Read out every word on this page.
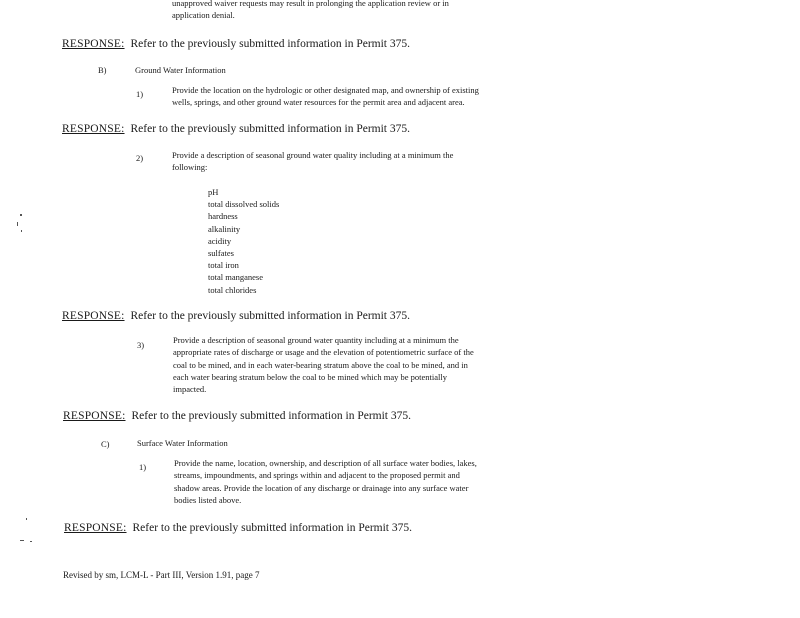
unapproved waiver requests may result in prolonging the application review or in
application denial.
RESPONSE: Refer to the previously submitted information in Permit 375.
B)	Ground Water Information
1)	Provide the location on the hydrologic or other designated map, and ownership of existing
wells, springs, and other ground water resources for the permit area and adjacent area.
RESPONSE: Refer to the previously submitted information in Permit 375.
2)	Provide a description of seasonal ground water quality including at a minimum the
following:
pH
total dissolved solids
hardness
alkalinity
acidity
sulfates
total iron
total manganese
total chlorides
RESPONSE: Refer to the previously submitted information in Permit 375.
3)	Provide a description of seasonal ground water quantity including at a minimum the
appropriate rates of discharge or usage and the elevation of potentiometric surface of the
coal to be mined, and in each water-bearing stratum above the coal to be mined, and in
each water bearing stratum below the coal to be mined which may be potentially
impacted.
RESPONSE: Refer to the previously submitted information in Permit 375.
C)	Surface Water Information
1)	Provide the name, location, ownership, and description of all surface water bodies, lakes,
streams, impoundments, and springs within and adjacent to the proposed permit and
shadow areas. Provide the location of any discharge or drainage into any surface water
bodies listed above.
RESPONSE: Refer to the previously submitted information in Permit 375.
Revised by sm, LCM-L - Part III, Version 1.91, page 7
